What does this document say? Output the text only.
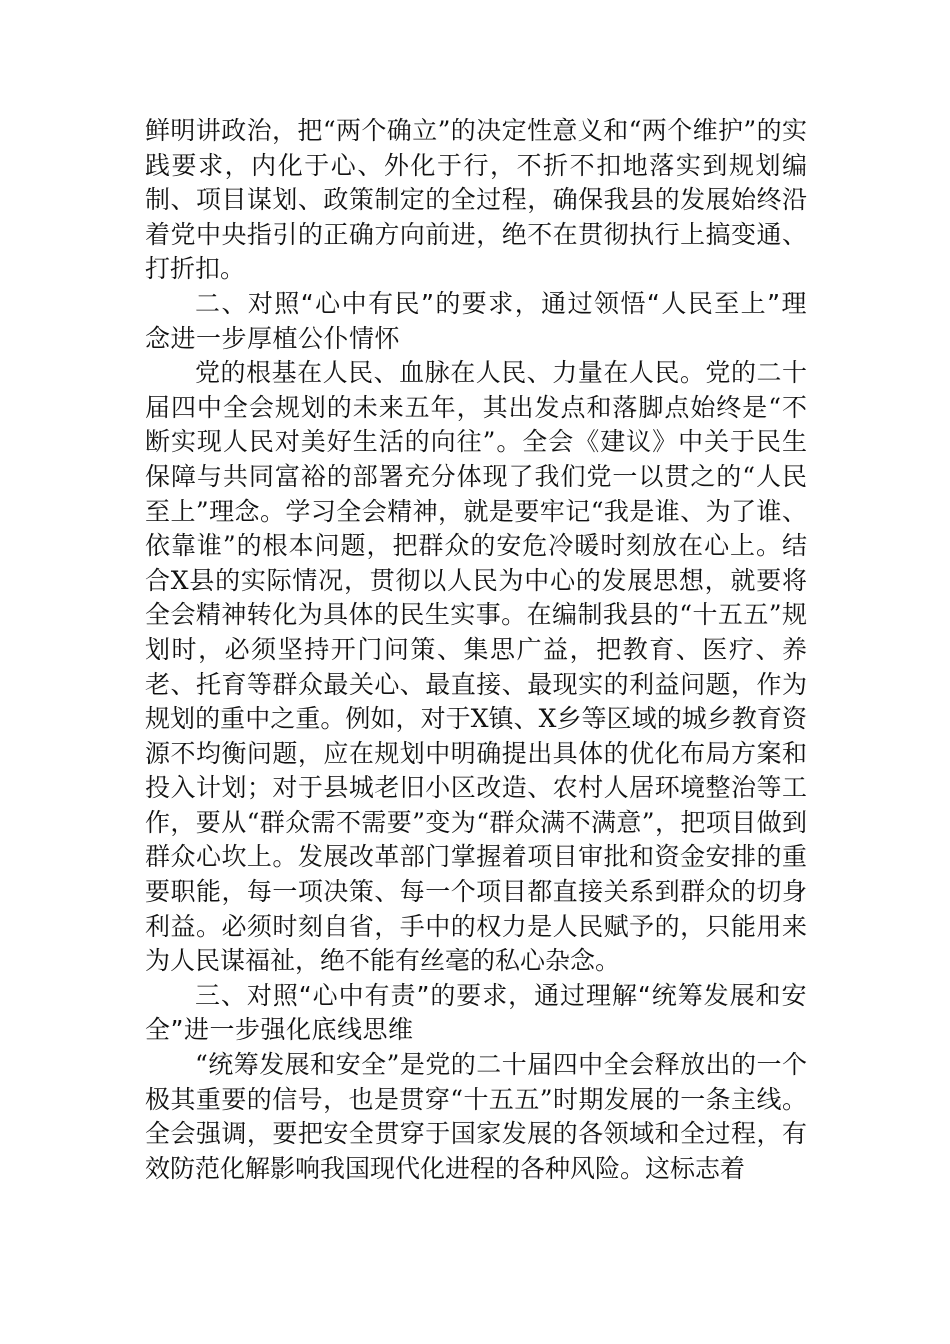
鲜明讲政治，把“两个确立”的决定性意义和“两个维护”的实践要求，内化于心、外化于行，不折不扣地落实到规划编制、项目谋划、政策制定的全过程，确保我县的发展始终沿着党中央指引的正确方向前进，绝不在贯彻执行上搞变通、打折扣。

二、对照“心中有民”的要求，通过领悟“人民至上”理念进一步厚植公仆情怀

党的根基在人民、血脉在人民、力量在人民。党的二十届四中全会规划的未来五年，其出发点和落脚点始终是“不断实现人民对美好生活的向往”。全会《建议》中关于民生保障与共同富裕的部署充分体现了我们党一以贯之的“人民至上”理念。学习全会精神，就是要牢记“我是谁、为了谁、依靠谁”的根本问题，把群众的安危冷暖时刻放在心上。结合X县的实际情况，贯彻以人民为中心的发展思想，就要将全会精神转化为具体的民生实事。在编制我县的“十五五”规划时，必须坚持开门问策、集思广益，把教育、医疗、养老、托育等群众最关心、最直接、最现实的利益问题，作为规划的重中之重。例如，对于X镇、X乡等区域的城乡教育资源不均衡问题，应在规划中明确提出具体的优化布局方案和投入计划；对于县城老旧小区改造、农村人居环境整治等工作，要从“群众需不需要”变为“群众满不满意”，把项目做到群众心坎上。发展改革部门掌握着项目审批和资金安排的重要职能，每一项决策、每一个项目都直接关系到群众的切身利益。必须时刻自省，手中的权力是人民赋予的，只能用来为人民谋福祉，绝不能有丝毫的私心杂念。

三、对照“心中有责”的要求，通过理解“统筹发展和安全”进一步强化底线思维

“统筹发展和安全”是党的二十届四中全会释放出的一个极其重要的信号，也是贯穿“十五五”时期发展的一条主线。全会强调，要把安全贯穿于国家发展的各领域和全过程，有效防范化解影响我国现代化进程的各种风险。这标志着
